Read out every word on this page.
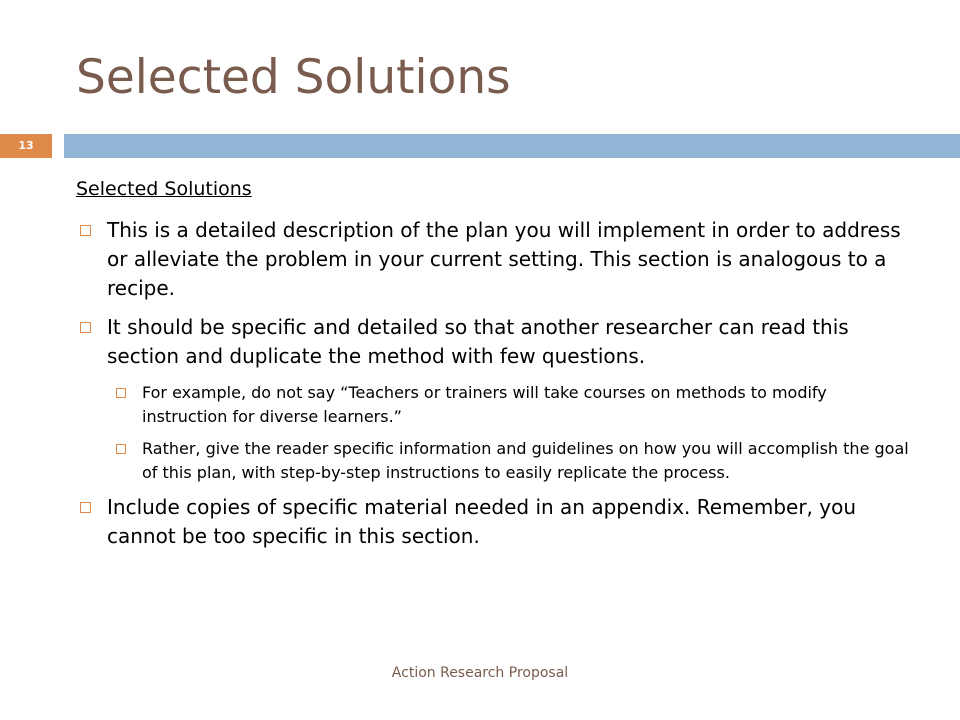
Selected Solutions
13
Selected Solutions
This is a detailed description of the plan you will implement in order to address or alleviate the problem in your current setting. This section is analogous to a recipe.
It should be specific and detailed so that another researcher can read this section and duplicate the method with few questions.
For example, do not say “Teachers or trainers will take courses on methods to modify instruction for diverse learners.”
Rather, give the reader specific information and guidelines on how you will accomplish the goal of this plan, with step-by-step instructions to easily replicate the process.
Include copies of specific material needed in an appendix. Remember, you cannot be too specific in this section.
Action Research Proposal
